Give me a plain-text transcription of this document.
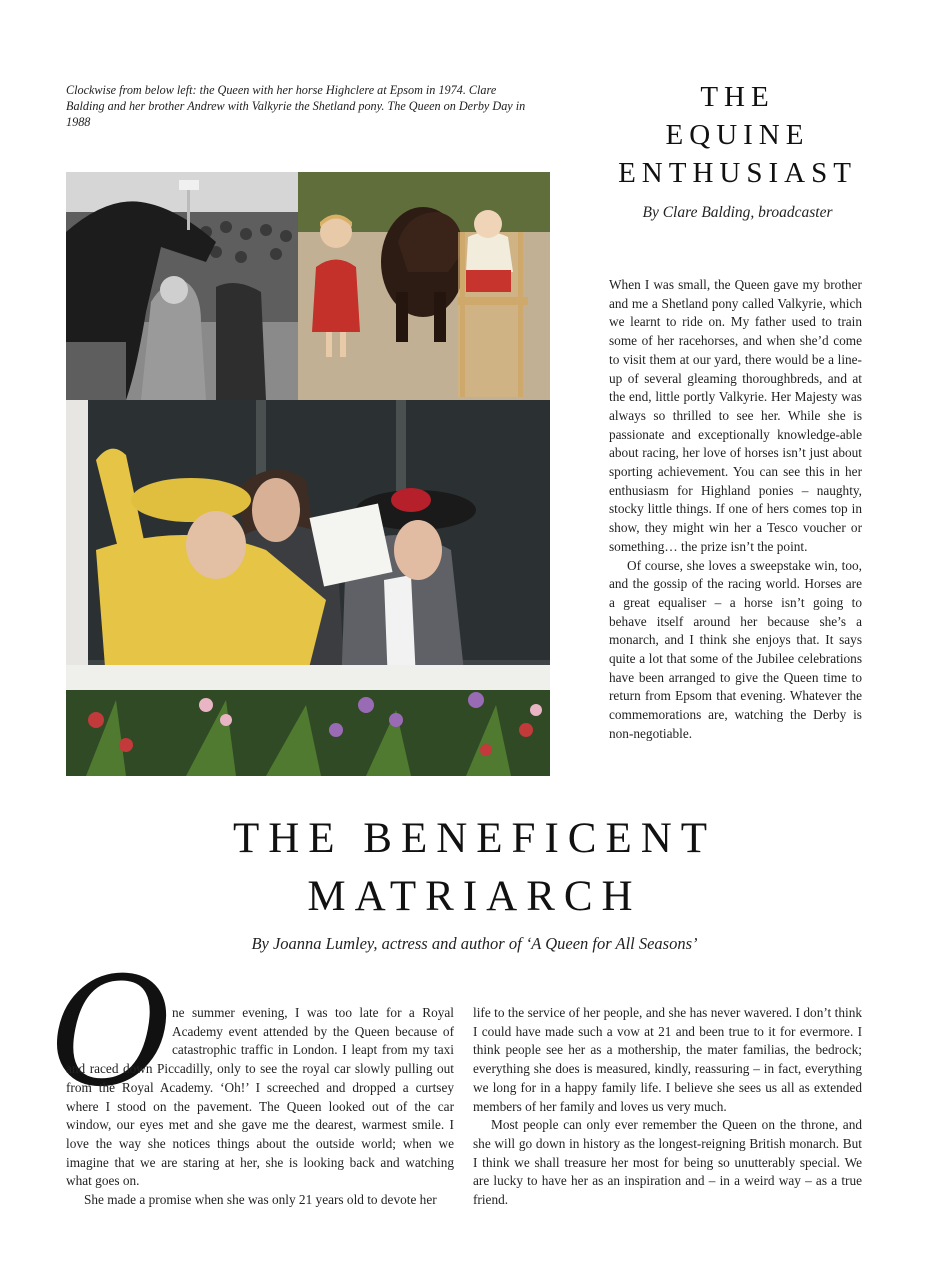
Clockwise from below left: the Queen with her horse Highclere at Epsom in 1974. Clare Balding and her brother Andrew with Valkyrie the Shetland pony. The Queen on Derby Day in 1988
THE
EQUINE
ENTHUSIAST
By Clare Balding, broadcaster

When I was small, the Queen gave my brother and me a Shetland pony called Valkyrie, which we learnt to ride on. My father used to train some of her racehorses, and when she’d come to visit them at our yard, there would be a line-up of several gleaming thoroughbreds, and at the end, little portly Valkyrie. Her Majesty was always so thrilled to see her. While she is passionate and exceptionally knowledge-able about racing, her love of horses isn’t just about sporting achievement. You can see this in her enthusiasm for Highland ponies – naughty, stocky little things. If one of hers comes top in show, they might win her a Tesco voucher or something… the prize isn’t the point.

Of course, she loves a sweepstake win, too, and the gossip of the racing world. Horses are a great equaliser – a horse isn’t going to behave itself around her because she’s a monarch, and I think she enjoys that. It says quite a lot that some of the Jubilee celebrations have been arranged to give the Queen time to return from Epsom that evening. Whatever the commemorations are, watching the Derby is non-negotiable.

THE BENEFICENT
MATRIARCH
By Joanna Lumley, actress and author of ‘A Queen for All Seasons’
O ne summer evening, I was too late for a Royal Academy event attended by the Queen because of catastrophic traffic in London. I leapt from my taxi and raced down Piccadilly, only to see the royal car slowly pulling out from the Royal Academy. ‘Oh!’ I screeched and dropped a curtsey where I stood on the pavement. The Queen looked out of the car window, our eyes met and she gave me the dearest, warmest smile. I love the way she notices things about the outside world; when we imagine that we are staring at her, she is looking back and watching what goes on.

She made a promise when she was only 21 years old to devote her

life to the service of her people, and she has never wavered. I don’t think I could have made such a vow at 21 and been true to it for evermore. I think people see her as a mothership, the mater familias, the bedrock; everything she does is measured, kindly, reassuring – in fact, everything we long for in a happy family life. I believe she sees us all as extended members of her family and loves us very much.

Most people can only ever remember the Queen on the throne, and she will go down in history as the longest-reigning British monarch. But I think we shall treasure her most for being so unutterably special. We are lucky to have her as an inspiration and – in a weird way – as a true friend.
